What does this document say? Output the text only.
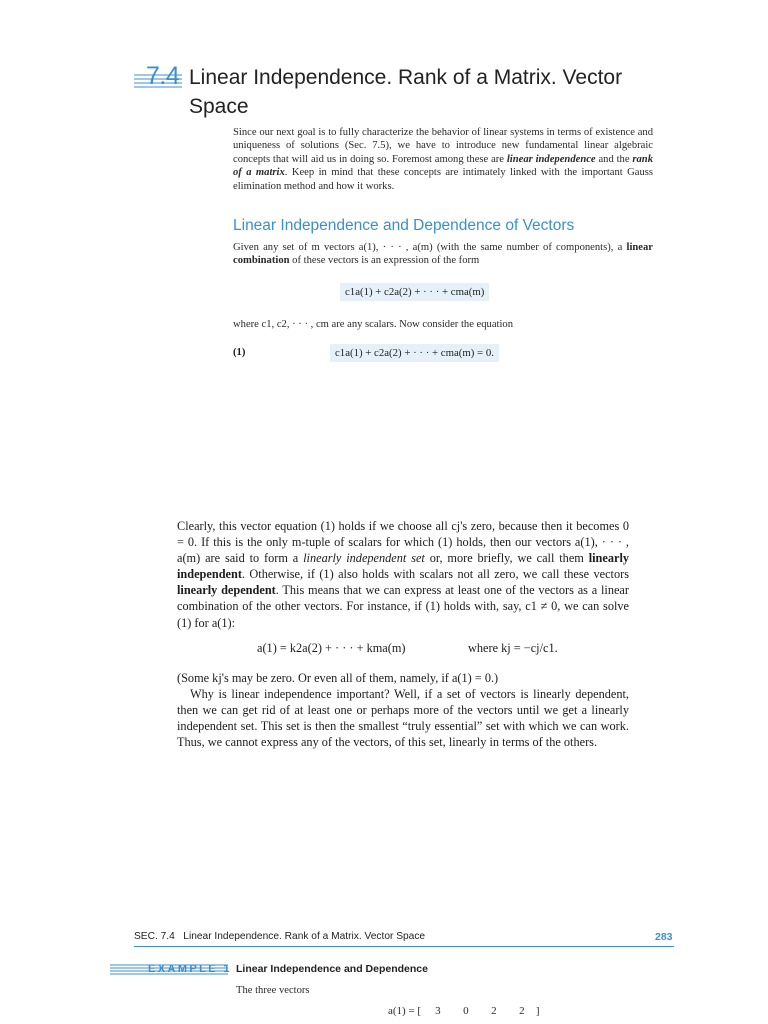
7.4 Linear Independence. Rank of a Matrix. Vector Space
Since our next goal is to fully characterize the behavior of linear systems in terms of existence and uniqueness of solutions (Sec. 7.5), we have to introduce new fundamental linear algebraic concepts that will aid us in doing so. Foremost among these are linear independence and the rank of a matrix. Keep in mind that these concepts are intimately linked with the important Gauss elimination method and how it works.
Linear Independence and Dependence of Vectors
Given any set of m vectors a(1), · · · , a(m) (with the same number of components), a linear combination of these vectors is an expression of the form
c1a(1) + c2a(2) + · · · + cma(m)
where c1, c2, · · · , cm are any scalars. Now consider the equation
(1)	c1a(1) + c2a(2) + · · · + cma(m) = 0.
Clearly, this vector equation (1) holds if we choose all cj's zero, because then it becomes 0 = 0. If this is the only m-tuple of scalars for which (1) holds, then our vectors a(1), · · · , a(m) are said to form a linearly independent set or, more briefly, we call them linearly independent. Otherwise, if (1) also holds with scalars not all zero, we call these vectors linearly dependent. This means that we can express at least one of the vectors as a linear combination of the other vectors. For instance, if (1) holds with, say, c1 ≠ 0, we can solve (1) for a(1):
a(1) = k2a(2) + · · · + kma(m)	where kj = −cj/c1.
(Some kj's may be zero. Or even all of them, namely, if a(1) = 0.)
Why is linear independence important? Well, if a set of vectors is linearly dependent, then we can get rid of at least one or perhaps more of the vectors until we get a linearly independent set. This set is then the smallest “truly essential” set with which we can work. Thus, we cannot express any of the vectors, of this set, linearly in terms of the others.
SEC. 7.4 Linear Independence. Rank of a Matrix. Vector Space	283
EXAMPLE 1 Linear Independence and Dependence
The three vectors
a(1) = [ 3 0 2 2 ]
